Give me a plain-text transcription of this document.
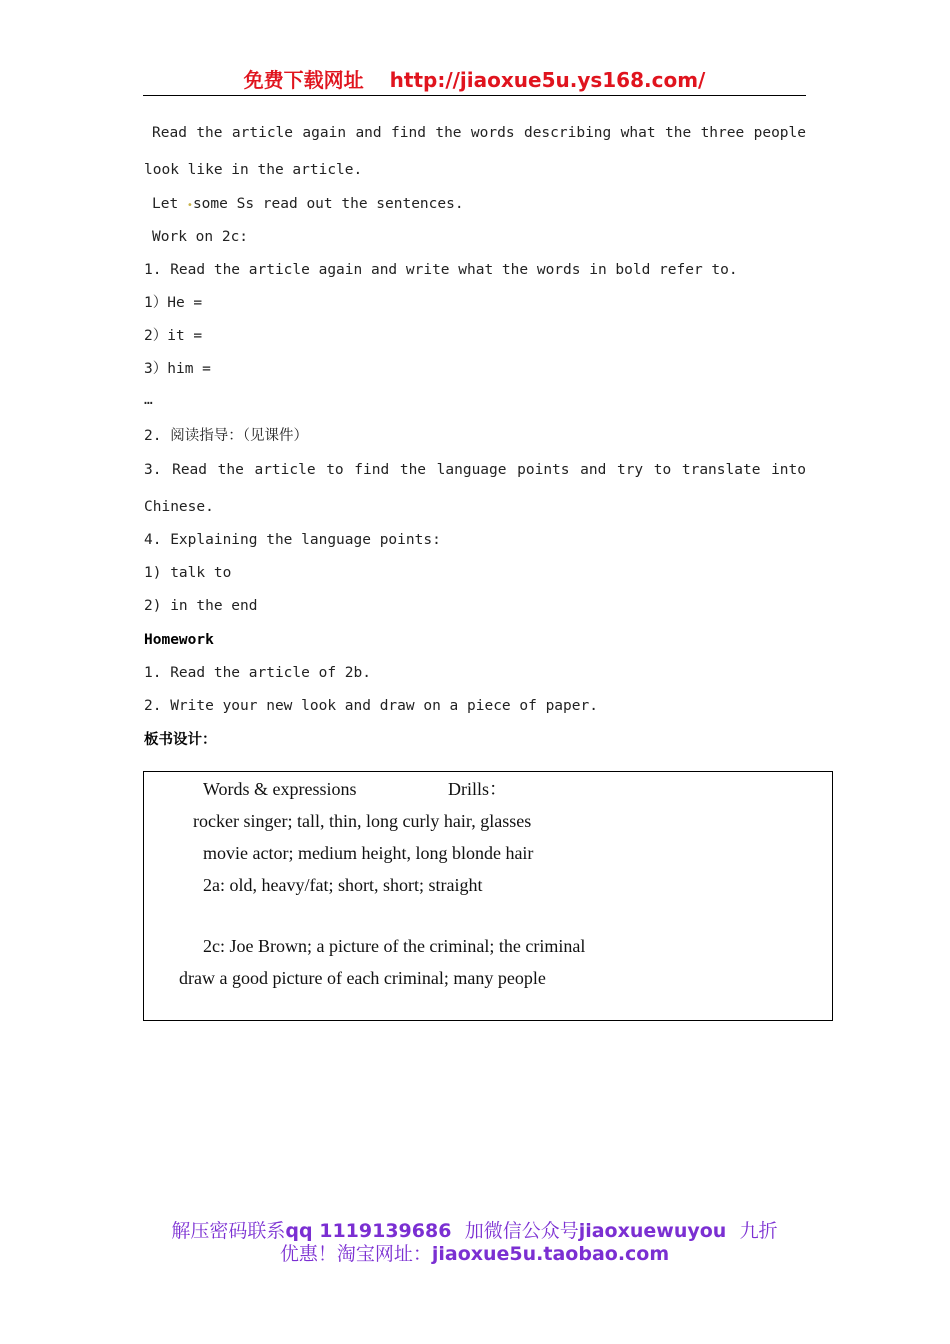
免费下载网址 http://jiaoxue5u.ys168.com/
Read the article again and find the words describing what the three people
look like in the article.
Let •some Ss read out the sentences.
Work on 2c:
1. Read the article again and write what the words in bold refer to.
1）He =
2）it =
3）him =
…
2. 阅读指导：（见课件）
3. Read the article to find the language points and try to translate into
Chinese.
4. Explaining the language points:
1) talk to
2) in the end
Homework
1. Read the article of 2b.
2. Write your new look and draw on a piece of paper.
板书设计：
Words & expressions	Drills：
rocker singer; tall, thin, long curly hair, glasses
movie actor; medium height, long blonde hair
2a: old, heavy/fat; short, short; straight
2c: Joe Brown; a picture of the criminal; the criminal
draw a good picture of each criminal; many people
解压密码联系qq 1119139686 加微信公众号jiaoxuewuyou 九折
优惠！淘宝网址：jiaoxue5u.taobao.com
